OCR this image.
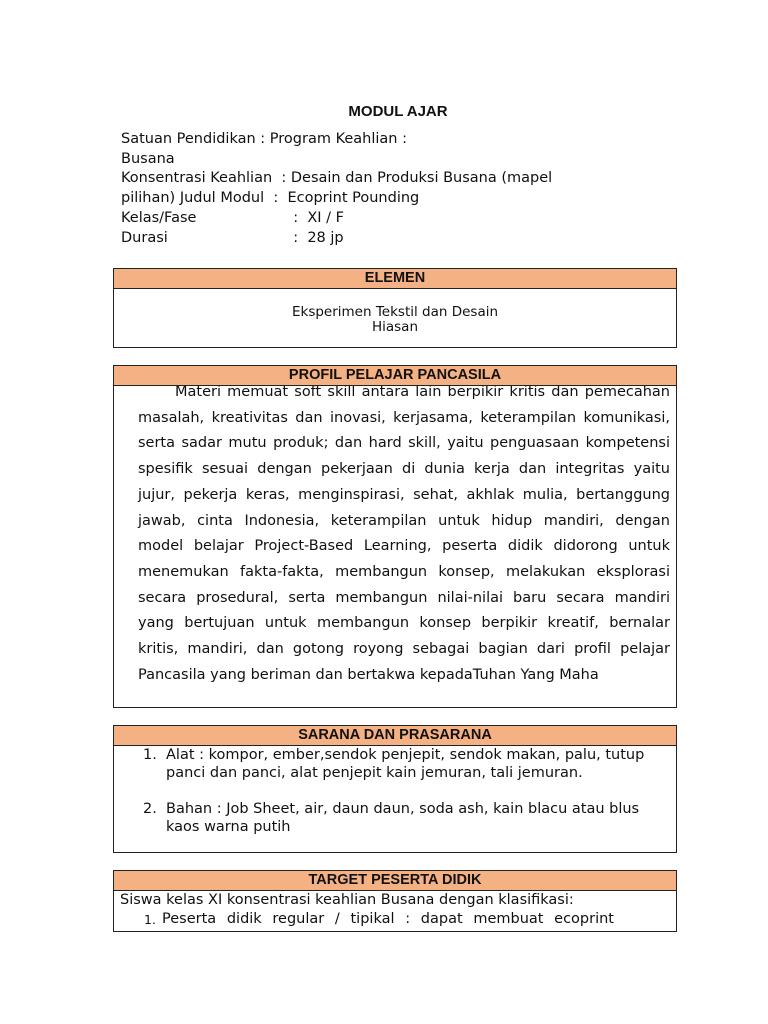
MODUL AJAR
Satuan Pendidikan : Program Keahlian :
Busana
Konsentrasi Keahlian  : Desain dan Produksi Busana (mapel
pilihan) Judul Modul  :  Ecoprint Pounding
Kelas/Fase	:  XI / F
Durasi	:  28 jp
ELEMEN
Eksperimen Tekstil dan Desain
Hiasan
PROFIL PELAJAR PANCASILA
Materi memuat soft skill antara lain berpikir kritis dan pemecahan masalah, kreativitas dan inovasi, kerjasama, keterampilan komunikasi, serta sadar mutu produk; dan hard skill, yaitu penguasaan kompetensi spesifik sesuai dengan pekerjaan di dunia kerja dan integritas yaitu jujur, pekerja keras, menginspirasi, sehat, akhlak mulia, bertanggung jawab, cinta Indonesia, keterampilan untuk hidup mandiri, dengan model belajar Project-Based Learning, peserta didik didorong untuk menemukan fakta-fakta, membangun konsep, melakukan eksplorasi secara prosedural, serta membangun nilai-nilai baru secara mandiri yang bertujuan untuk membangun konsep berpikir kreatif, bernalar kritis, mandiri, dan gotong royong sebagai bagian dari profil pelajar Pancasila yang beriman dan bertakwa kepadaTuhan Yang Maha
SARANA DAN PRASARANA
1. Alat : kompor, ember,sendok penjepit, sendok makan, palu, tutup panci dan panci, alat penjepit kain jemuran, tali jemuran.
2. Bahan : Job Sheet, air, daun daun, soda ash, kain blacu atau blus kaos warna putih
TARGET PESERTA DIDIK
Siswa kelas XI konsentrasi keahlian Busana dengan klasifikasi:
1. Peserta didik regular / tipikal : dapat membuat ecoprint
